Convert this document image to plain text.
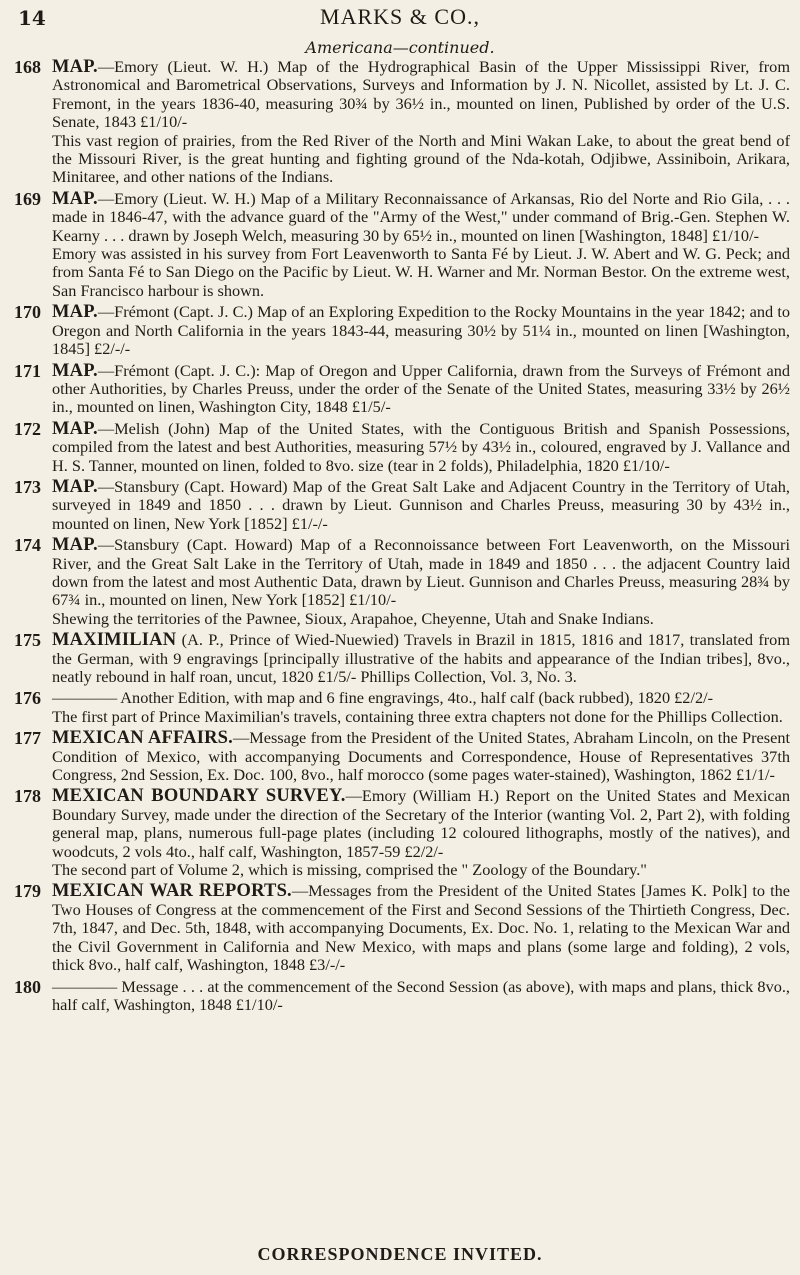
14	MARKS & CO.,
Americana—continued.
168 MAP.—Emory (Lieut. W. H.) Map of the Hydrographical Basin of the Upper Mississippi River, from Astronomical and Barometrical Observations, Surveys and Information by J. N. Nicollet, assisted by Lt. J. C. Fremont, in the years 1836-40, measuring 30¾ by 36½ in., mounted on linen, Published by order of the U.S. Senate, 1843 £1/10/-
This vast region of prairies, from the Red River of the North and Mini Wakan Lake, to about the great bend of the Missouri River, is the great hunting and fighting ground of the Nda-kotah, Odjibwe, Assiniboin, Arikara, Minitaree, and other nations of the Indians.
169 MAP.—Emory (Lieut. W. H.) Map of a Military Reconnaissance of Arkansas, Rio del Norte and Rio Gila, . . . made in 1846-47, with the advance guard of the "Army of the West," under command of Brig.-Gen. Stephen W. Kearny . . . drawn by Joseph Welch, measuring 30 by 65½ in., mounted on linen [Washington, 1848] £1/10/-
Emory was assisted in his survey from Fort Leavenworth to Santa Fé by Lieut. J. W. Abert and W. G. Peck; and from Santa Fé to San Diego on the Pacific by Lieut. W. H. Warner and Mr. Norman Bestor. On the extreme west, San Francisco harbour is shown.
170 MAP.—Frémont (Capt. J. C.) Map of an Exploring Expedition to the Rocky Mountains in the year 1842; and to Oregon and North California in the years 1843-44, measuring 30½ by 51¼ in., mounted on linen [Washington, 1845] £2/-/-
171 MAP.—Frémont (Capt. J. C.): Map of Oregon and Upper California, drawn from the Surveys of Frémont and other Authorities, by Charles Preuss, under the order of the Senate of the United States, measuring 33½ by 26½ in., mounted on linen, Washington City, 1848 £1/5/-
172 MAP.—Melish (John) Map of the United States, with the Contiguous British and Spanish Possessions, compiled from the latest and best Authorities, measuring 57½ by 43½ in., coloured, engraved by J. Vallance and H. S. Tanner, mounted on linen, folded to 8vo. size (tear in 2 folds), Philadelphia, 1820 £1/10/-
173 MAP.—Stansbury (Capt. Howard) Map of the Great Salt Lake and Adjacent Country in the Territory of Utah, surveyed in 1849 and 1850 . . . drawn by Lieut. Gunnison and Charles Preuss, measuring 30 by 43½ in., mounted on linen, New York [1852] £1/-/-
174 MAP.—Stansbury (Capt. Howard) Map of a Reconnoissance between Fort Leavenworth, on the Missouri River, and the Great Salt Lake in the Territory of Utah, made in 1849 and 1850 . . . the adjacent Country laid down from the latest and most Authentic Data, drawn by Lieut. Gunnison and Charles Preuss, measuring 28¾ by 67¾ in., mounted on linen, New York [1852] £1/10/-
Shewing the territories of the Pawnee, Sioux, Arapahoe, Cheyenne, Utah and Snake Indians.
175 MAXIMILIAN (A. P., Prince of Wied-Nuewied) Travels in Brazil in 1815, 1816 and 1817, translated from the German, with 9 engravings [principally illustrative of the habits and appearance of the Indian tribes], 8vo., neatly rebound in half roan, uncut, 1820 £1/5/- Phillips Collection, Vol. 3, No. 3.
176 ———— Another Edition, with map and 6 fine engravings, 4to., half calf (back rubbed), 1820 £2/2/-
The first part of Prince Maximilian's travels, containing three extra chapters not done for the Phillips Collection.
177 MEXICAN AFFAIRS.—Message from the President of the United States, Abraham Lincoln, on the Present Condition of Mexico, with accompanying Documents and Correspondence, House of Representatives 37th Congress, 2nd Session, Ex. Doc. 100, 8vo., half morocco (some pages water-stained), Washington, 1862 £1/1/-
178 MEXICAN BOUNDARY SURVEY.—Emory (William H.) Report on the United States and Mexican Boundary Survey, made under the direction of the Secretary of the Interior (wanting Vol. 2, Part 2), with folding general map, plans, numerous full-page plates (including 12 coloured lithographs, mostly of the natives), and woodcuts, 2 vols 4to., half calf, Washington, 1857-59 £2/2/-
The second part of Volume 2, which is missing, comprised the " Zoology of the Boundary."
179 MEXICAN WAR REPORTS.—Messages from the President of the United States [James K. Polk] to the Two Houses of Congress at the commencement of the First and Second Sessions of the Thirtieth Congress, Dec. 7th, 1847, and Dec. 5th, 1848, with accompanying Documents, Ex. Doc. No. 1, relating to the Mexican War and the Civil Government in California and New Mexico, with maps and plans (some large and folding), 2 vols, thick 8vo., half calf, Washington, 1848 £3/-/-
180 ———— Message . . . at the commencement of the Second Session (as above), with maps and plans, thick 8vo., half calf, Washington, 1848 £1/10/-
CORRESPONDENCE INVITED.
